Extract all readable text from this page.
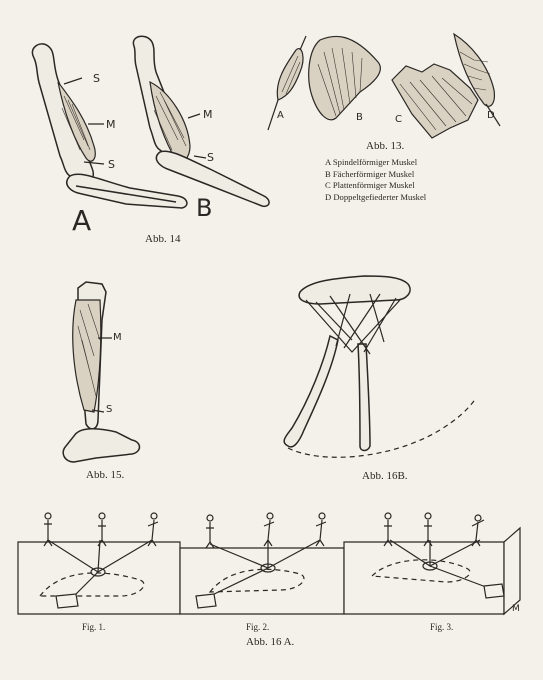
S
M
S
M
S
A	B
Abb. 14
A	B	C	D
Abb. 13.
A Spindelförmiger Muskel
B Fächerförmiger Muskel
C Plattenförmiger Muskel
D Doppeltgefiederter Muskel
M
S
Abb. 15.	Abb. 16B.
Fig. 1.	Fig. 2.	Fig. 3.
M
Abb. 16 A.
